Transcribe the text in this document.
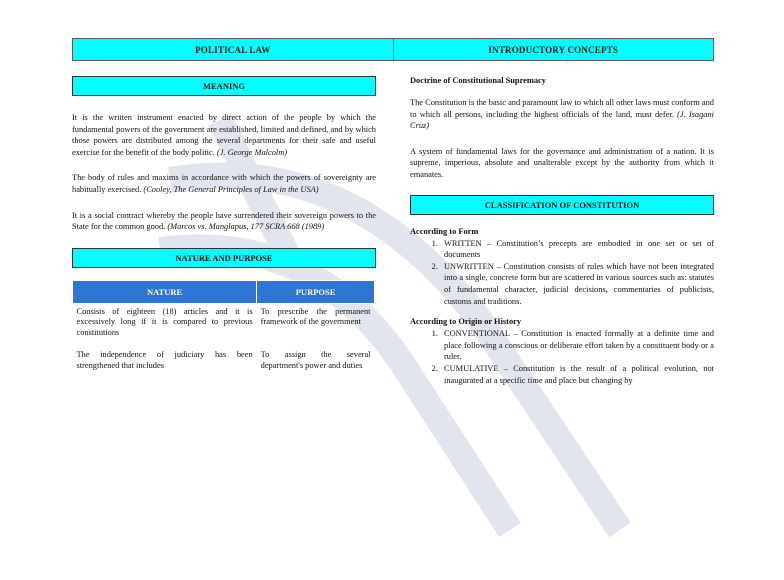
POLITICAL LAW	INTRODUCTORY CONCEPTS
MEANING

It is the written instrument enacted by direct action of the people by which the fundamental powers of the government are established, limited and defined, and by which those powers are distributed among the several departments for their safe and useful exercise for the benefit of the body politic. (J. George Malcolm)

The body of rules and maxims in accordance with which the powers of sovereignty are habitually exercised. (Cooley, The General Principles of Law in the USA)

It is a social contract whereby the people have surrendered their sovereign powers to the State for the common good. (Marcos vs. Manglapus, 177 SCRA 668 (1989)

NATURE AND PURPOSE
NATURE	PURPOSE
Consists of eighteen (18) articles and it is excessively long if it is compared to previous constitutions	To prescribe the permanent framework of the government
The independence of judiciary has been strengthened that includes	To assign the several department's power and duties
Doctrine of Constitutional Supremacy

The Constitution is the basic and paramount law to which all other laws must conform and to which all persons, including the highest officials of the land, must defer. (J. Isagani Cruz)

A system of fundamental laws for the governance and administration of a nation. It is supreme, imperious, absolute and unalterable except by the authority from which it emanates.

CLASSIFICATION OF CONSTITUTION
According to Form
1. WRITTEN – Constitution’s precepts are embodied in one set or set of documents
2. UNWRITTEN – Constitution consists of rules which have not been integrated into a single, concrete form but are scattered in various sources such as: statutes of fundamental character, judicial decisions, commentaries of publicists, customs and traditions.
According to Origin or History
1. CONVENTIONAL – Constitution is enacted formally at a definite time and place following a conscious or deliberate effort taken by a constituent body or a ruler.
2. CUMULATIVE – Constitution is the result of a political evolution, not inaugurated at a specific time and place but changing by
